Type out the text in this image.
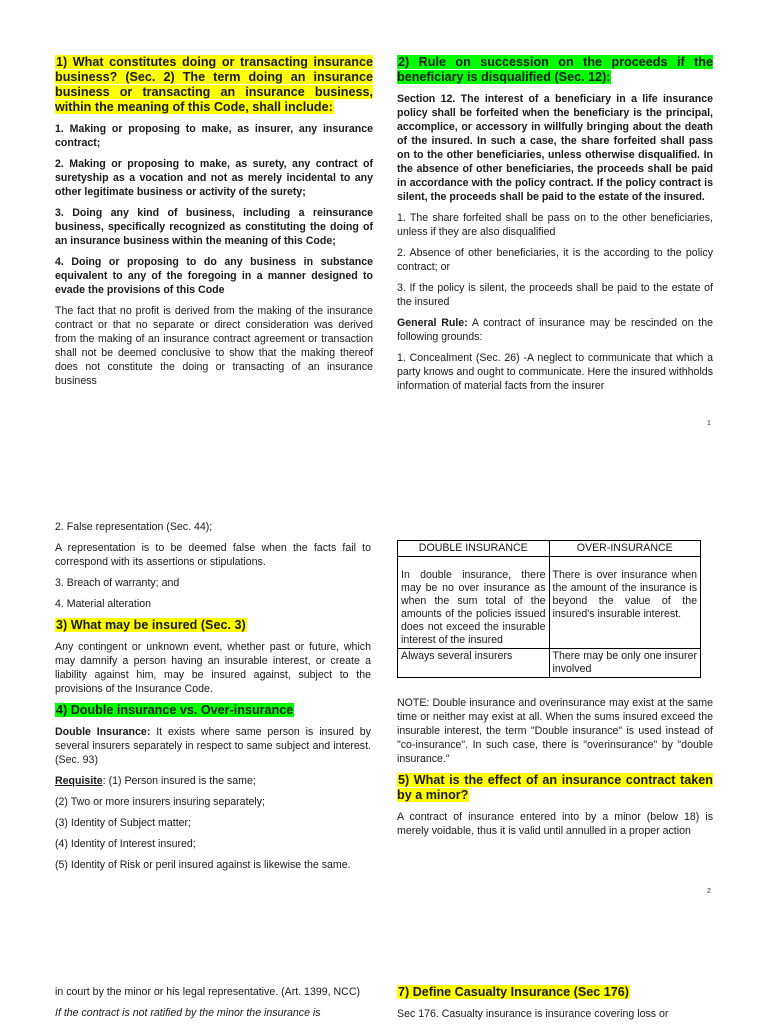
1) What constitutes doing or transacting insurance business? (Sec. 2) The term doing an insurance business or transacting an insurance business, within the meaning of this Code, shall include:

1. Making or proposing to make, as insurer, any insurance contract;

2. Making or proposing to make, as surety, any contract of suretyship as a vocation and not as merely incidental to any other legitimate business or activity of the surety;

3. Doing any kind of business, including a reinsurance business, specifically recognized as constituting the doing of an insurance business within the meaning of this Code;

4. Doing or proposing to do any business in substance equivalent to any of the foregoing in a manner designed to evade the provisions of this Code

The fact that no profit is derived from the making of the insurance contract or that no separate or direct consideration was derived from the making of an insurance contract agreement or transaction shall not be deemed conclusive to show that the making thereof does not constitute the doing or transacting of an insurance business

2) Rule on succession on the proceeds if the beneficiary is disqualified (Sec. 12):

Section 12. The interest of a beneficiary in a life insurance policy shall be forfeited when the beneficiary is the principal, accomplice, or accessory in willfully bringing about the death of the insured. In such a case, the share forfeited shall pass on to the other beneficiaries, unless otherwise disqualified. In the absence of other beneficiaries, the proceeds shall be paid in accordance with the policy contract. If the policy contract is silent, the proceeds shall be paid to the estate of the insured.

1. The share forfeited shall be pass on to the other beneficiaries, unless if they are also disqualified

2. Absence of other beneficiaries, it is the according to the policy contract; or

3. If the policy is silent, the proceeds shall be paid to the estate of the insured

General Rule: A contract of insurance may be rescinded on the following grounds:

1. Concealment (Sec. 26) -A neglect to communicate that which a party knows and ought to communicate. Here the insured withholds information of material facts from the insurer

1

2. False representation (Sec. 44);

A representation is to be deemed false when the facts fail to correspond with its assertions or stipulations.

3. Breach of warranty; and

4. Material alteration

3) What may be insured (Sec. 3)

Any contingent or unknown event, whether past or future, which may damnify a person having an insurable interest, or create a liability against him, may be insured against, subject to the provisions of the Insurance Code.

4) Double insurance vs. Over-insurance

Double Insurance: It exists where same person is insured by several insurers separately in respect to same subject and interest. (Sec. 93)

Requisite: (1) Person insured is the same;

(2) Two or more insurers insuring separately;

(3) Identity of Subject matter;

(4) Identity of Interest insured;

(5) Identity of Risk or peril insured against is likewise the same.

DOUBLE INSURANCE	OVER-INSURANCE
In double insurance, there may be no over insurance as when the sum total of the amounts of the policies issued does not exceed the insurable interest of the insured	There is over insurance when the amount of the insurance is beyond the value of the insured's insurable interest.
Always several insurers	There may be only one insurer involved

NOTE: Double insurance and overinsurance may exist at the same time or neither may exist at all. When the sums insured exceed the insurable interest, the term "Double insurance" is used instead of "co-insurance". In such case, there is "overinsurance" by "double insurance."

5) What is the effect of an insurance contract taken by a minor?

A contract of insurance entered into by a minor (below 18) is merely voidable, thus it is valid until annulled in a proper action

2

in court by the minor or his legal representative. (Art. 1399, NCC)

If the contract is not ratified by the minor the insurance is

7) Define Casualty Insurance (Sec 176)

Sec 176. Casualty insurance is insurance covering loss or
